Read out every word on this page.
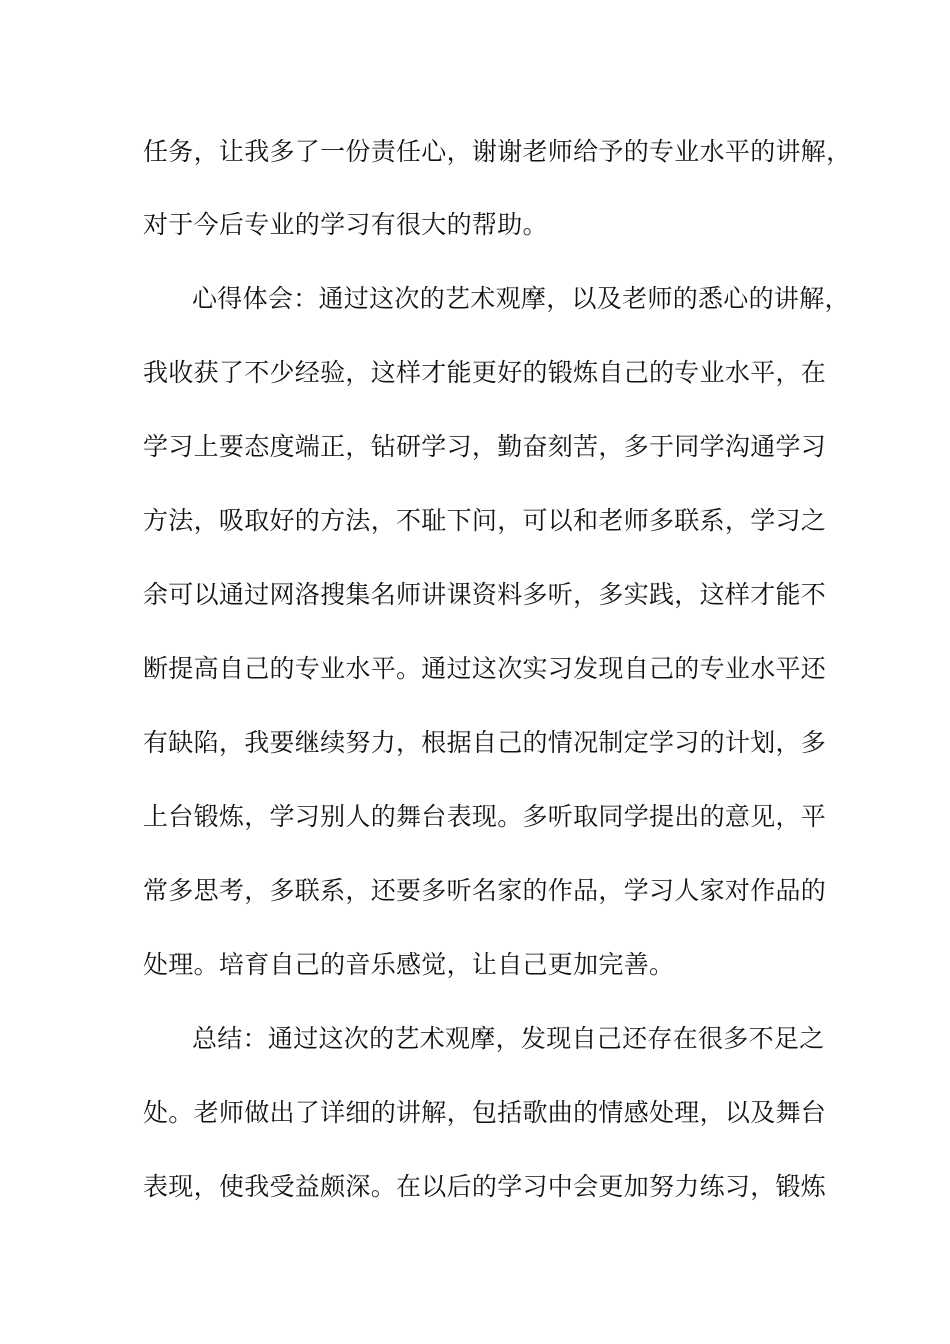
任务，让我多了一份责任心，谢谢老师给予的专业水平的讲解，
对于今后专业的学习有很大的帮助。
心得体会：通过这次的艺术观摩，以及老师的悉心的讲解，
我收获了不少经验，这样才能更好的锻炼自己的专业水平，在
学习上要态度端正，钻研学习，勤奋刻苦，多于同学沟通学习
方法，吸取好的方法，不耻下问，可以和老师多联系，学习之
余可以通过网洛搜集名师讲课资料多听，多实践，这样才能不
断提高自己的专业水平。通过这次实习发现自己的专业水平还
有缺陷，我要继续努力，根据自己的情况制定学习的计划，多
上台锻炼，学习别人的舞台表现。多听取同学提出的意见，平
常多思考，多联系，还要多听名家的作品，学习人家对作品的
处理。培育自己的音乐感觉，让自己更加完善。
总结：通过这次的艺术观摩，发现自己还存在很多不足之
处。老师做出了详细的讲解，包括歌曲的情感处理，以及舞台
表现，使我受益颇深。在以后的学习中会更加努力练习，锻炼
